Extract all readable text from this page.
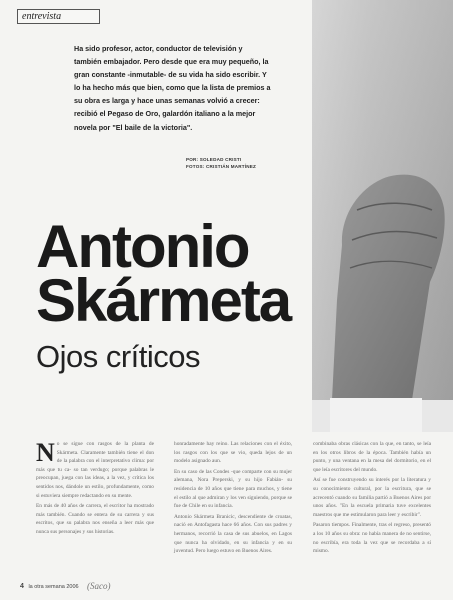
entrevista

Ha sido profesor, actor, conductor de televisión y también embajador. Pero desde que era muy pequeño, la gran constante -inmutable- de su vida ha sido escribir. Y lo ha hecho más que bien, como que la lista de premios a su obra es larga y hace unas semanas volvió a crecer: recibió el Pegaso de Oro, galardón italiano a la mejor novela por "El baile de la victoria".

POR: SOLEDAD CRISTI
FOTOS: CRISTIÁN MARTÍNEZ
Antonio
Skármeta
Ojos críticos
N o se sigue con rasgos de la planta de Skármeta. Claramente también tiene el don de la palabra con el interpretativo clima: por más que tu ca- so tan verdugo; porque palabras le preocupan, juega con las ideas, a la vez, y crítica los sentidos nos, dándole un estilo, profundamente, como si estuviera siempre redactando en su mente.

En más de 40 años de carrera, el escritor ha mostrado más también. Cuando se entera de su carrera y sus escritos, que su palabra nos enseña a leer más que nunca sus personajes y sus historias.

honradamente hay reino. Las relaciones con el éxito, los rasgos con los que se vio, queda lejos de un modelo asignado aun.

En su caso de las Condes -que comparte con su mujer alemana, Nora Preperski, y su hijo Fabián- su residencia de 10 años que tiene para muchos, y tiene el estilo al que admiran y los ven siguiendo, porque se fue de Chile en su infancia.

Antonio Skármeta Branicic, descendiente de croatas, nació en Antofagasta hace 66 años. Con sus padres y hermanos, recorrió la casa de sus abuelos, en Lagos que nunca ha olvidado, en su infancia y en su juventud. Pero luego estuvo en Buenos Aires.

combinaba obras clásicas con la que, en tanto, se leía en los otros libros de la época. También había un punto, y una ventana en la mesa del dormitorio, en el que leía escritores del mundo.

Así se fue construyendo su interés por la literatura y su conocimiento cultural, por la escritura, que se acrecentó cuando su familia partió a Buenos Aires por unos años. "En la escuela primaria tuve excelentes maestros que me estimularon para leer y escribir".

Pasaron tiempos. Finalmente, tras el regreso, presentó a los 10 años su obra: no había manera de no sentirse, no escribía, era toda la vez que se recordaba a sí mismo.

4 la otra semana 2006 (Saco)
